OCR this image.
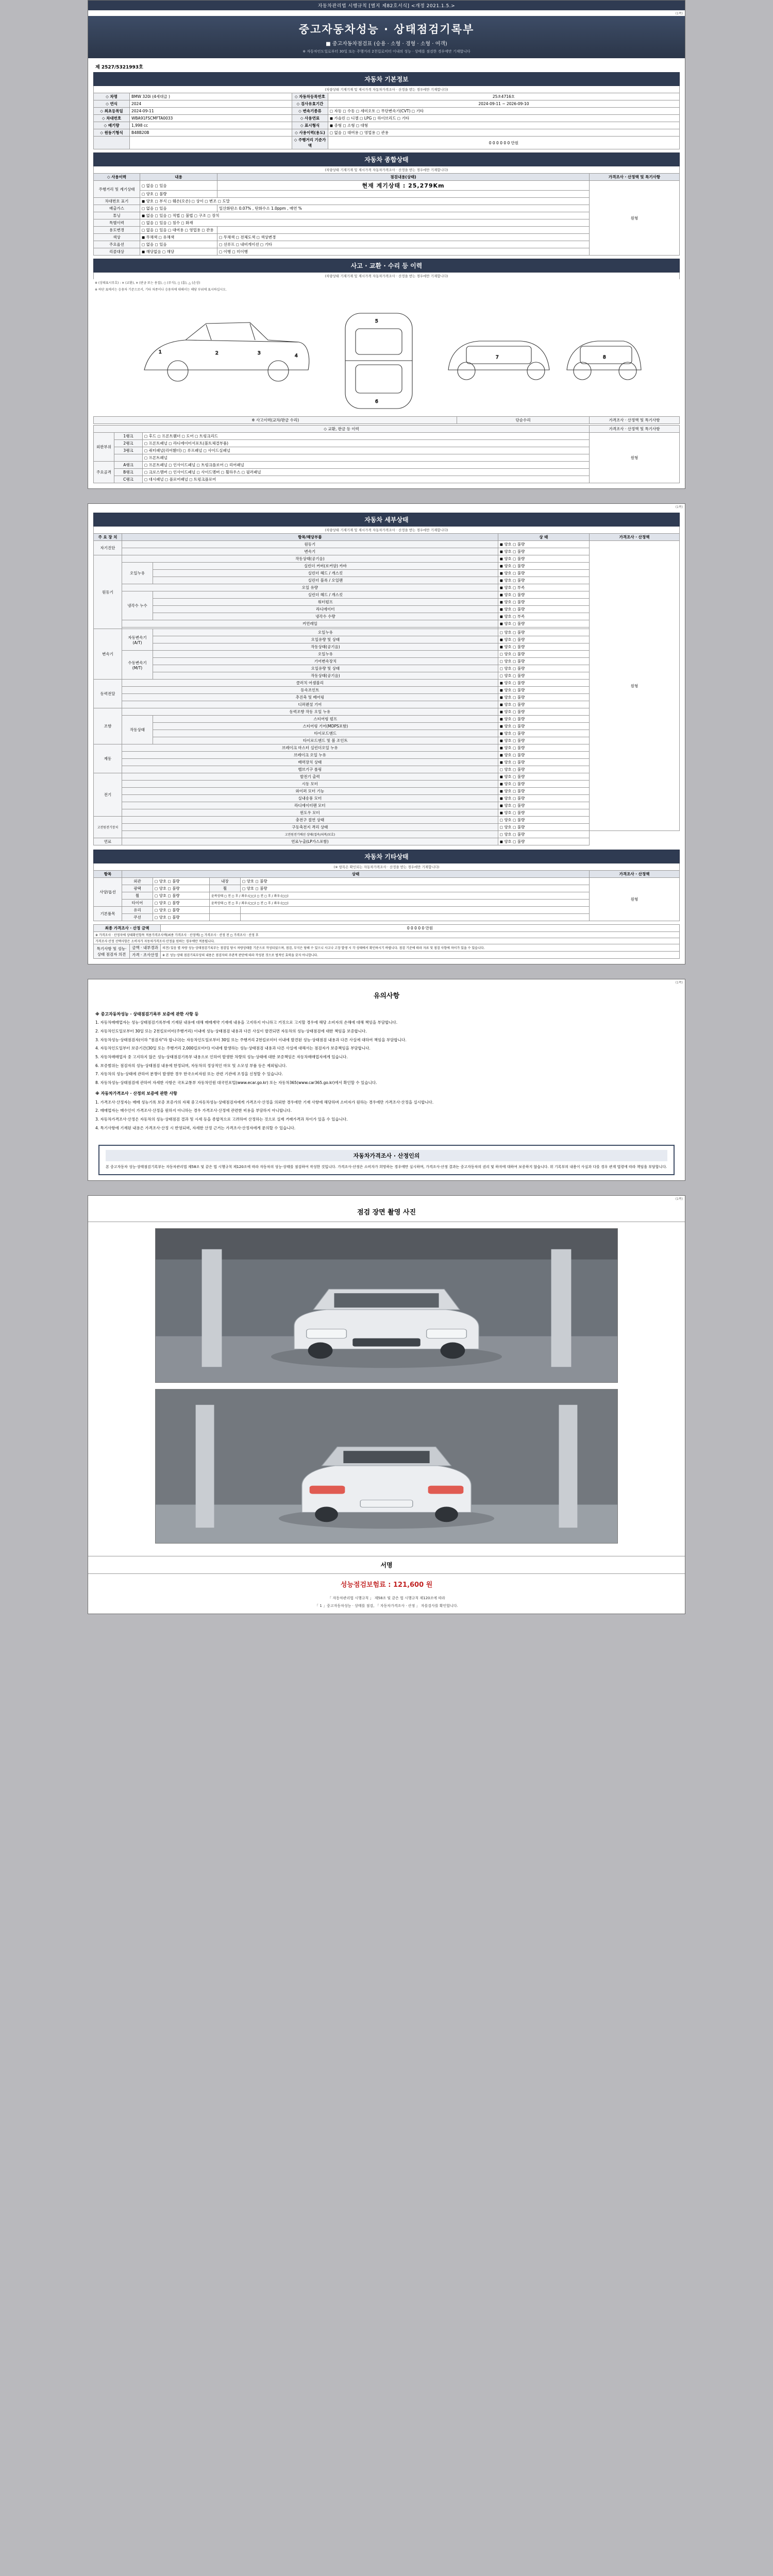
자동차관리법 시행규칙 [별지 제82호서식] <개정 2021.1.5.>
(1쪽)
중고자동차성능 · 상태점검기록부
■ 중고자동차점검표 (승용 · 소형 · 경형 · 소형 · 여객)
※ 자동차인도일로부터 30일 또는 주행거리 2천킬로미터 이내의 성능 · 상태를 점검한 경우에만 기재합니다
제 2527/5321993호
자동차 기본정보
(차량상태 기재기재 및 제시가격 자동차가격조사 · 산정을 받는 경우에만 기재합니다)
◇ 차명	BMW 320i (4세대급 )	◇ 자동차등록번호	25초4716호
◇ 연식	2024	◇ 검사유효기간	2024-09-11 ~ 2026-09-10
◇ 최초등록일	2024-09-11	◇ 변속기종류	◻ 자동 ◻ 수동 ◻ 세미오토 ◻ 무단변속기(CVT) ◻ 기타
◇ 차대번호	WBA91FSCMFTA0033	◇ 사용연료	◼ 가솔린 ◻ 디젤 ◻ LPG ◻ 하이브리드 ◻ 기타
◇ 배기량	1,998 cc	◇ 표시형식	◼ 중형 ◻ 소형 ◻ 대형
◇ 원동기형식	B48B20B	◇ 사용이력(용도)	◻ 없음 ◻ 대여용 ◻ 영업용 ◻ 관용
		◇ 주행거리 기준가액	0 0 0 0 0 0 만원
자동차 종합상태
(차량상태 기재기재 및 제시가격 자동차가격조사 · 산정을 받는 경우에만 기재합니다)
◇ 사용이력	내용	점검내용(상태)	가격조사 · 산정액 및 특기사항
주행거리 및 계기상태	◻ 없음 ◻ 있음	현재 계기상태 : 25,279Km	원형
	◻ 양호 ◻ 불량		
차대번호 표기	◼ 양호 ◻ 부식 ◻ 훼손(오손) ◻ 상이 ◻ 변조 ◻ 도말		
배출가스	◻ 없음 ◻ 있음	일산화탄소 0.07% , 탄화수소 1.0ppm , 매연 %	
튜닝	◼ 없음 ◻ 있음 ◻ 적법 ◻ 불법 ◻ 구조 ◻ 장치		
특별이력	◻ 없음 ◻ 있음 ◻ 침수 ◻ 화재		
용도변경	◻ 없음 ◻ 있음 ◻ 대여용 ◻ 영업용 ◻ 관용		
색상	◼ 무채색 ◻ 유채색	◻ 무채색 ◻ 전체도색 ◻ 색상변경	
주요옵션	◻ 없음 ◻ 있음	◻ 선루프 ◻ 내비게이션 ◻ 기타	
리콜대상	◼ 해당없음 ◻ 해당	◻ 이행 ◻ 미이행	
사고 · 교환 · 수리 등 이력
(차량상태 기재기재 및 제시가격 자동차가격조사 · 산정을 받는 경우에만 기재합니다)
※ (상태표시부호) : ✕ (교환), ✕ (판금 또는 용접), ○ (부식), ◻ (흠), △ (손상)
※ 하단 표에서는 승용차 기준으로서, 기타 차종이나 승용차에 대해서는 해당 부위에 표시하십시오.
1	2	3	4
5
6
7	8
※ 사고이력(교차/판금 수리)	단순수리	가격조사 · 산정액 및 특기사항
◇ 교환, 판금 등 이력			가격조사 · 산정액 및 특기사항
외판부위	1랭크	◻ 후드 ◻ 프론트휀더 ◻ 도어 ◻ 트렁크리드	원형
	2랭크	◻ 프론트패널 ◻ 라디에이터서포트(볼트체결부품)	
	3랭크	◻ 쿼터패널(리어휀더) ◻ 루프패널 ◻ 사이드실패널	
		◻ 프론트패널	
주요골격	A랭크	◻ 프론트패널 ◻ 인사이드패널 ◻ 트렁크플로어 ◻ 리어패널	
	B랭크	◻ 크로스멤버 ◻ 인사이드패널 ◻ 사이드멤버 ◻ 휠하우스 ◻ 필러패널	
	C랭크	◻ 대시패널 ◻ 플로어패널 ◻ 트렁크플로어	
(1쪽)
자동차 세부상태
(차량상태 기재기재 및 제시가격 자동차가격조사 · 산정을 받는 경우에만 기재합니다)
주 요 장 치	항목/해당부품		상 태	가격조사 · 산정액
자기진단	원동기		◼ 양호 ◻ 불량	원형
	변속기		◼ 양호 ◻ 불량	
원동기	작동상태(공기음)		◼ 양호 ◻ 불량	
	오일누유	실린더 커버(로커암) 카바	◼ 양호 ◻ 불량	
		실린더 헤드 / 개스킷	◼ 양호 ◻ 불량	
		실린더 블록 / 오일팬	◼ 양호 ◻ 불량	
	오일 유량		◼ 양호 ◻ 부족	
	냉각수 누수	실린더 헤드 / 개스킷	◼ 양호 ◻ 불량	
		워터펌프	◼ 양호 ◻ 불량	
		라디에이터	◼ 양호 ◻ 불량	
		냉각수 수량	◼ 양호 ◻ 부족	
	커먼레일		◼ 양호 ◻ 불량	

변속기	자동변속기(A/T)	오일누유	◻ 양호 ◻ 불량	
		오일유량 및 상태	◼ 양호 ◻ 불량	
		작동상태(공기음)	◼ 양호 ◻ 불량	
	수동변속기(M/T)	오일누유	◻ 양호 ◻ 불량	
		기어변속장치	◻ 양호 ◻ 불량	
		오일유량 및 상태	◻ 양호 ◻ 불량	
		작동상태(공기음)	◻ 양호 ◻ 불량	
동력전달	클러치 어셈블리		◼ 양호 ◻ 불량	
	등속조인트		◼ 양호 ◻ 불량	
	추진축 및 베어링		◼ 양호 ◻ 불량	
	디퍼렌셜 기어		◼ 양호 ◻ 불량	
조향	동력조향 작동 오일 누유		◼ 양호 ◻ 불량	
	작동상태	스티어링 펌프	◼ 양호 ◻ 불량	
		스티어링 기어(MDPS포함)	◼ 양호 ◻ 불량	
		타이로드엔드	◼ 양호 ◻ 불량	
		타이로드엔드 및 볼 조인트	◼ 양호 ◻ 불량	
제동	브레이크 마스터 실린더오일 누유		◼ 양호 ◻ 불량	
	브레이크 오일 누유		◼ 양호 ◻ 불량	
	배력장치 상태		◼ 양호 ◻ 불량	
	밸브기구 롤링		◻ 양호 ◻ 불량	
전기	발전기 출력		◼ 양호 ◻ 불량	
	시동 모터		◼ 양호 ◻ 불량	
	와이퍼 모터 기능		◼ 양호 ◻ 불량	
	실내송풍 모터		◼ 양호 ◻ 불량	
	라디에이터팬 모터		◼ 양호 ◻ 불량	
	윈도우 모터		◼ 양호 ◻ 불량	
고전원전기장치	충전구 절연 상태		◻ 양호 ◻ 불량	
	구동축전지 격리 상태		◻ 양호 ◻ 불량	
	고전원전기배선 상태(접속/피복/보호)		◻ 양호 ◻ 불량	
연료	연료누출(LP가스포함)		◼ 양호 ◻ 불량	
자동차 기타상태
(※ 항목은 확인되는 자동차가격조사 · 산정을 받는 경우에만 기재합니다)
항목	상태				가격조사 · 산정액
사양/옵션	외관	◻ 양호 ◻ 불량	내장	◻ 양호 ◻ 불량	원형
	광택	◻ 양호 ◻ 불량	휠	◻ 양호 ◻ 불량	
	휠	◻ 양호 ◻ 불량	윤곽상태 ◻ 전 ◻ 후 / 좌우:(◻◻) ◻ 전 ◻ 후 / 좌우:(◻◻)		
	타이어	◻ 양호 ◻ 불량	윤곽상태 ◻ 전 ◻ 후 / 좌우:(◻◻) ◻ 전 ◻ 후 / 좌우:(◻◻)		
기본품목	유리	◻ 양호 ◻ 불량			
	쿠션	◻ 양호 ◻ 불량			
최종 가격조사 · 산정 금액		0 0 0 0 0 만원
※ 가격조사 · 산정자에 상태확인항목 적용가격조사액(최종 가격조사 · 산정액) ◻ 가격조사 · 산정 전 ◻ 가격조사 · 산정 후		
가격조사·산정 선택사항은 소비자가 자동차가격조사·산정을 원하는 경우에만 적용됩니다.		
특기사항 및 성능·상태 점검자 의견	금액 · 내부경과	의견) 있음 별 차량 성능·상태점검기록부는 점검일 당시 차량상태를 기준으로 작성되었으며, 점검, 부식은 당해 수 있으니 사고나 고장 발생 시 각 상태에서 확인하시기 바랍니다. 점검 기준에 따라 자료 및 점검 사항에 차이가 있을 수 있습니다.
	가격 · 조사산정	※ 본 성능·상태 점검기록부상의 내용은 점검자의 주관적 판단에 따라 작성된 것으로 법적인 효력을 갖지 아니합니다.
(1쪽)
유의사항
※ 중고자동차성능 · 상태점검기록부 보증에 관한 사항 등

1. 자동차매매업자는 성능·상태점검기록부에 기재된 내용에 대해 매매계약 기재에 내용을 고지하지 아니하고 거짓으로 고지할 경우에 해당 소비자의 손해에 대해 책임을 부담합니다.

2. 자동차인도일로부터 30일 또는 2천킬로미터(주행거리) 이내에 성능·상태점검 내용과 다른 사실이 발견되면 자동차의 성능·상태점검에 대한 책임을 보증합니다.

3. 자동차성능·상태점검자(이하 "점검자"라 합니다)는 자동차인도일로부터 30일 또는 주행거리 2천킬로미터 이내에 발견된 성능·상태점검 내용과 다른 사실에 대하여 책임을 부담합니다.

4. 자동차인도일부터 보증기간(30일 또는 주행거리 2,000킬로미터) 이내에 발생하는 성능·상태점검 내용과 다른 사실에 대해서는 점검자가 보증책임을 부담합니다.

5. 자동차매매업자 중 고지하지 않은 성능·상태점검기록부 내용으로 인하여 발생한 차량의 성능·상태에 대한 보증책임은 자동차매매업자에게 있습니다.

6. 보증범위는 점검자의 성능·상태점검 내용에 한정되며, 자동차의 정상적인 마모 및 소모성 부품 등은 제외됩니다.

7. 자동차의 성능·상태에 관하여 분쟁이 발생한 경우 한국소비자원 또는 관련 기관에 조정을 신청할 수 있습니다.

8. 자동차성능·상태점검에 관하여 자세한 사항은 국토교통부 자동차민원 대국민포털(www.ecar.go.kr) 또는 자동차365(www.car365.go.kr)에서 확인할 수 있습니다.

※ 자동차가격조사 · 산정의 보증에 관한 사항

1. 가격조사·산정자는 매매 성능기록 보증 보증가의 자체 중고자동차성능·상태점검자에게 가격조사·산정을 의뢰한 경우에만 기재 사항에 해당하며 소비자가 원하는 경우에만 가격조사·산정을 실시합니다.

2. 매매업자는 매수인이 가격조사·산정을 원하지 아니하는 경우 가격조사·산정에 관련한 비용을 부담하지 아니합니다.

3. 자동차가격조사·산정은 자동차의 성능·상태점검 결과 및 시세 등을 종합적으로 고려하여 산정하는 것으로 실제 거래가격과 차이가 있을 수 있습니다.

4. 특기사항에 기재된 내용은 가격조사·산정 시 반영되며, 자세한 산정 근거는 가격조사·산정자에게 문의할 수 있습니다.

자동차가격조사 · 산정인의
본 중고자동차 성능·상태점검기록부는 자동차관리법 제58조 및 같은 법 시행규칙 제120조에 따라 자동차의 성능·상태를 점검하여 작성한 것입니다. 가격조사·산정은 소비자가 희망하는 경우에만 실시하며, 가격조사·산정 결과는 중고자동차의 권리 및 하자에 대하여 보증하지 않습니다. 위 기록부의 내용이 사실과 다를 경우 관계 법령에 따라 책임을 부담합니다.
(1쪽)
점검 장면 촬영 사진
서명
성능점검보험료 : 121,600 원
「 자동차관리법 시행규칙 」 제58조 및 같은 법 시행규칙 제120조에 따라
「 1 」중고자동차성능 · 상태를 점검, 「 자동차가격조사 · 산정 」 자를검사를 확인합니다.
